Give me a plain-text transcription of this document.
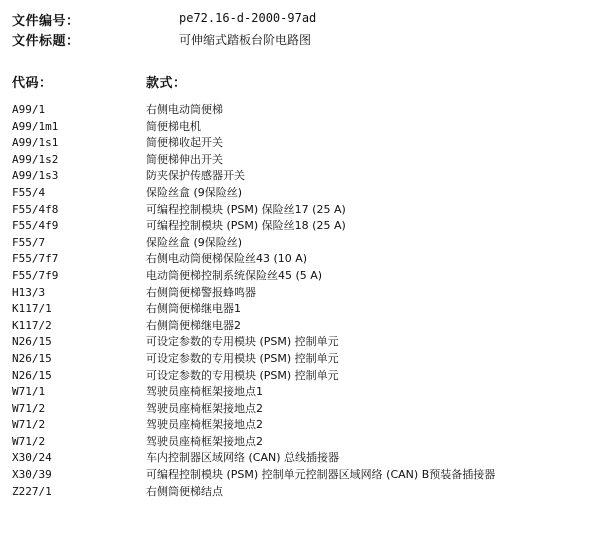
文件编号：	pe72.16-d-2000-97ad
文件标题：	可伸缩式踏板台阶电路图
代码：	款式：
A99/1	右侧电动筒便梯
A99/1m1	简便梯电机
A99/1s1	简便梯收起开关
A99/1s2	简便梯伸出开关
A99/1s3	防夹保护传感器开关
F55/4	保险丝盒 (9保险丝)
F55/4f8	可编程控制模块 (PSM) 保险丝17 (25 A)
F55/4f9	可编程控制模块 (PSM) 保险丝18 (25 A)
F55/7	保险丝盒 (9保险丝)
F55/7f7	右侧电动筒便梯保险丝43 (10 A)
F55/7f9	电动筒便梯控制系统保险丝45 (5 A)
H13/3	右侧筒便梯警报蜂鸣器
K117/1	右侧筒便梯继电器1
K117/2	右侧筒便梯继电器2
N26/15	可设定参数的专用模块 (PSM) 控制单元
N26/15	可设定参数的专用模块 (PSM) 控制单元
N26/15	可设定参数的专用模块 (PSM) 控制单元
W71/1	驾驶员座椅框架接地点1
W71/2	驾驶员座椅框架接地点2
W71/2	驾驶员座椅框架接地点2
W71/2	驾驶员座椅框架接地点2
X30/24	车内控制器区域网络 (CAN) 总线插接器
X30/39	可编程控制模块 (PSM) 控制单元控制器区域网络 (CAN) B预装备插接器
Z227/1	右侧筒便梯结点
